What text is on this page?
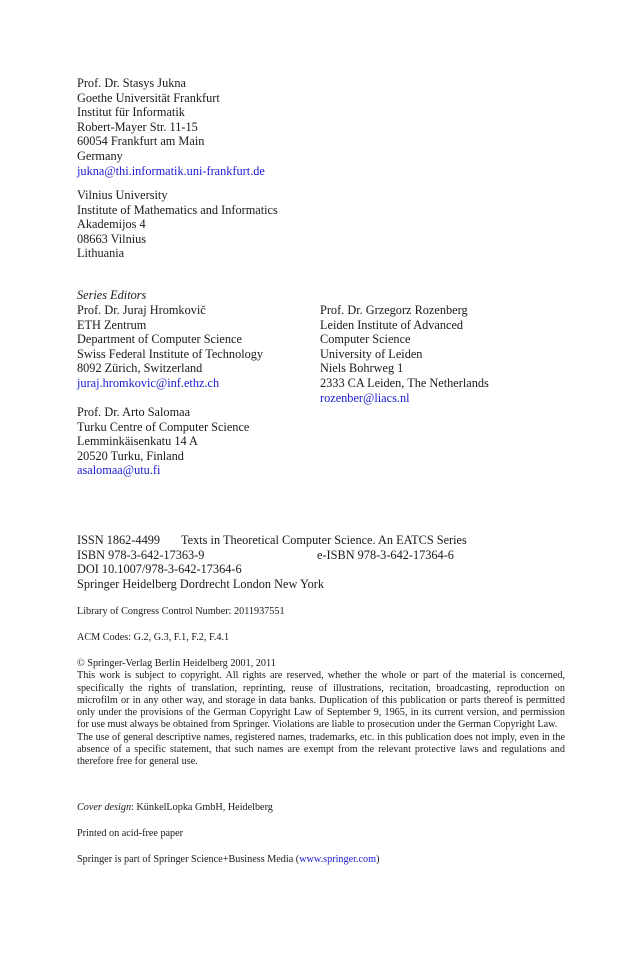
Prof. Dr. Stasys Jukna
Goethe Universität Frankfurt
Institut für Informatik
Robert-Mayer Str. 11-15
60054 Frankfurt am Main
Germany
jukna@thi.informatik.uni-frankfurt.de
Vilnius University
Institute of Mathematics and Informatics
Akademijos 4
08663 Vilnius
Lithuania
Series Editors
Prof. Dr. Juraj Hromkovič
ETH Zentrum
Department of Computer Science
Swiss Federal Institute of Technology
8092 Zürich, Switzerland
juraj.hromkovic@inf.ethz.ch
Prof. Dr. Grzegorz Rozenberg
Leiden Institute of Advanced
Computer Science
University of Leiden
Niels Bohrweg 1
2333 CA Leiden, The Netherlands
rozenber@liacs.nl
Prof. Dr. Arto Salomaa
Turku Centre of Computer Science
Lemminkäisenkatu 14 A
20520 Turku, Finland
asalomaa@utu.fi
ISSN 1862-4499 Texts in Theoretical Computer Science. An EATCS Series
ISBN 978-3-642-17363-9	e-ISBN 978-3-642-17364-6
DOI 10.1007/978-3-642-17364-6
Springer Heidelberg Dordrecht London New York
Library of Congress Control Number: 2011937551
ACM Codes: G.2, G.3, F.1, F.2, F.4.1
© Springer-Verlag Berlin Heidelberg 2001, 2011
This work is subject to copyright. All rights are reserved, whether the whole or part of the material is concerned, specifically the rights of translation, reprinting, reuse of illustrations, recitation, broadcasting, reproduction on microfilm or in any other way, and storage in data banks. Duplication of this publication or parts thereof is permitted only under the provisions of the German Copyright Law of September 9, 1965, in its current version, and permission for use must always be obtained from Springer. Violations are liable to prosecution under the German Copyright Law.
The use of general descriptive names, registered names, trademarks, etc. in this publication does not imply, even in the absence of a specific statement, that such names are exempt from the relevant protective laws and regulations and therefore free for general use.
Cover design: KünkelLopka GmbH, Heidelberg
Printed on acid-free paper
Springer is part of Springer Science+Business Media (www.springer.com)
